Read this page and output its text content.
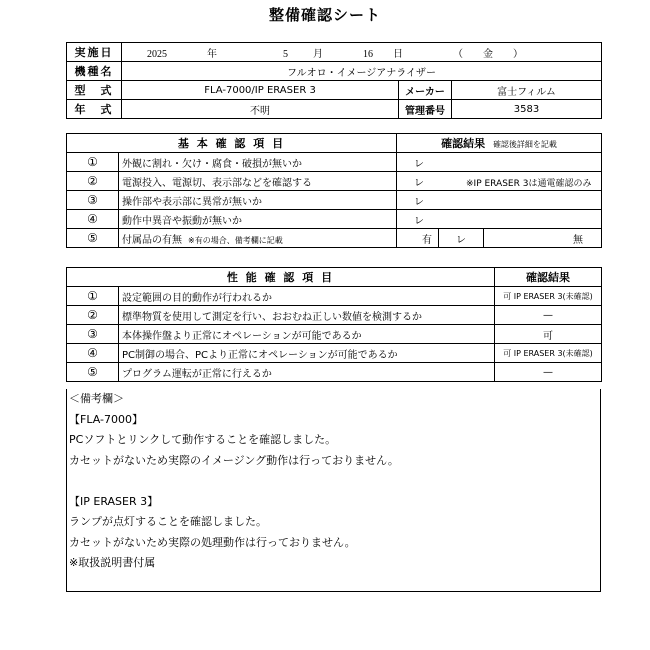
整備確認シート
実施日	2025 年 5 月 16 日 （　　金　　）		
機種名	フルオロ・イメージアナライザー		
型　式	FLA-7000/IP ERASER 3	メーカー	富士フィルム
年　式	不明	管理番号	3583
基 本 確 認 項 目		確認結果 確認後詳細を記載		
①	外観に割れ・欠け・腐食・破損が無いか	レ		
②	電源投入、電源切、表示部などを確認する	レ ※IP ERASER 3は通電確認のみ		
③	操作部や表示部に異常が無いか	レ		
④	動作中異音や振動が無いか	レ		
⑤	付属品の有無 ※有の場合、備考欄に記載	有	レ	無
性 能 確 認 項 目		確認結果
①	設定範囲の目的動作が行われるか	可 IP ERASER 3(未確認)
②	標準物質を使用して測定を行い、おおむね正しい数値を検測するか	—
③	本体操作盤より正常にオペレーションが可能であるか	可
④	PC制御の場合、PCより正常にオペレーションが可能であるか	可 IP ERASER 3(未確認)
⑤	プログラム運転が正常に行えるか	—
＜備考欄＞
【FLA-7000】
PCソフトとリンクして動作することを確認しました。
カセットがないため実際のイメージング動作は行っておりません。
【IP ERASER 3】
ランプが点灯することを確認しました。
カセットがないため実際の処理動作は行っておりません。
※取扱説明書付属
